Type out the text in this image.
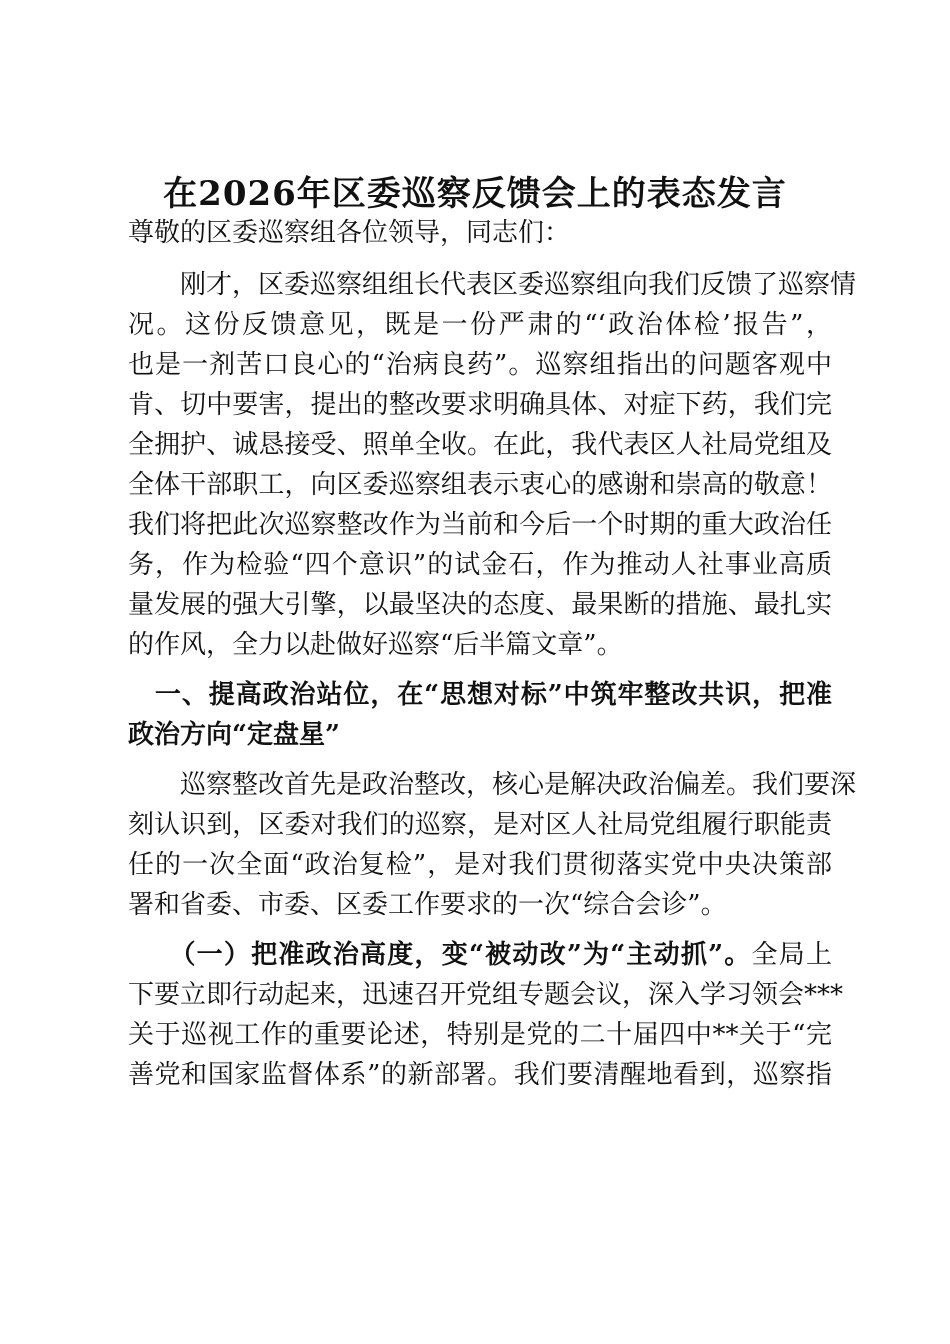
在2026年区委巡察反馈会上的表态发言

尊敬的区委巡察组各位领导，同志们：

　　刚才，区委巡察组组长代表区委巡察组向我们反馈了巡察情
况。这份反馈意见，既是一份严肃的“‘政治体检’报告”，
也是一剂苦口良心的“治病良药”。巡察组指出的问题客观中
肯、切中要害，提出的整改要求明确具体、对症下药，我们完
全拥护、诚恳接受、照单全收。在此，我代表区人社局党组及
全体干部职工，向区委巡察组表示衷心的感谢和崇高的敬意！
我们将把此次巡察整改作为当前和今后一个时期的重大政治任
务，作为检验“四个意识”的试金石，作为推动人社事业高质
量发展的强大引擎，以最坚决的态度、最果断的措施、最扎实
的作风，全力以赴做好巡察“后半篇文章”。

　一、提高政治站位，在“思想对标”中筑牢整改共识，把准
政治方向“定盘星”

　　巡察整改首先是政治整改，核心是解决政治偏差。我们要深
刻认识到，区委对我们的巡察，是对区人社局党组履行职能责
任的一次全面“政治复检”，是对我们贯彻落实党中央决策部
署和省委、市委、区委工作要求的一次“综合会诊”。

　　（一）把准政治高度，变“被动改”为“主动抓”。全局上
下要立即行动起来，迅速召开党组专题会议，深入学习领会***
关于巡视工作的重要论述，特别是党的二十届四中**关于“完
善党和国家监督体系”的新部署。我们要清醒地看到，巡察指
